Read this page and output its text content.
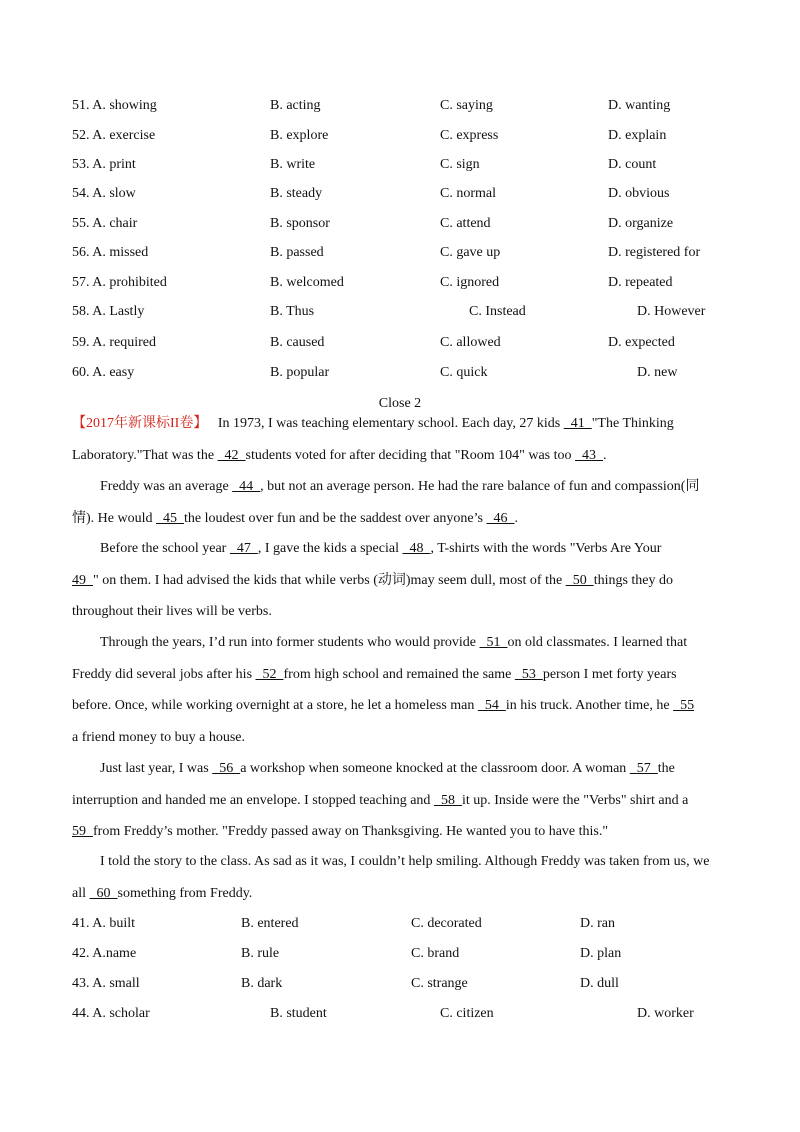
51. A. showing	B. acting	C. saying	D. wanting
52. A. exercise	B. explore	C. express	D. explain
53. A. print	B. write	C. sign	D. count
54. A. slow	B. steady	C. normal	D. obvious
55. A. chair	B. sponsor	C. attend	D. organize
56. A. missed	B. passed	C. gave up	D. registered for
57. A. prohibited	B. welcomed	C. ignored	D. repeated
58. A. Lastly	B. Thus	C. Instead	D. However
59. A. required	B. caused	C. allowed	D. expected
60. A. easy	B. popular	C. quick	D. new
Close 2
【2017年新课标II卷】   In 1973, I was teaching elementary school. Each day, 27 kids   41  "The Thinking
Laboratory."That was the   42  students voted for after deciding that "Room 104" was too   43  .
Freddy was an average   44  , but not an average person. He had the rare balance of fun and compassion(同
情). He would   45  the loudest over fun and be the saddest over anyone’s   46  .
Before the school year   47  , I gave the kids a special   48  , T-shirts with the words "Verbs Are Your
49  " on them. I had advised the kids that while verbs (动词)may seem dull, most of the   50  things they do
throughout their lives will be verbs.
Through the years, I’d run into former students who would provide   51  on old classmates. I learned that
Freddy did several jobs after his   52  from high school and remained the same   53  person I met forty years
before. Once, while working overnight at a store, he let a homeless man   54  in his truck. Another time, he   55
a friend money to buy a house.
Just last year, I was   56  a workshop when someone knocked at the classroom door. A woman   57  the
interruption and handed me an envelope. I stopped teaching and   58  it up. Inside were the "Verbs" shirt and a
59  from Freddy’s mother. "Freddy passed away on Thanksgiving. He wanted you to have this."
I told the story to the class. As sad as it was, I couldn’t help smiling. Although Freddy was taken from us, we
all   60  something from Freddy.
41. A. built	B. entered	C. decorated	D. ran
42. A.name	B. rule	C. brand	D. plan
43. A. small	B. dark	C. strange	D. dull
44. A. scholar	B. student	C. citizen	D. worker
